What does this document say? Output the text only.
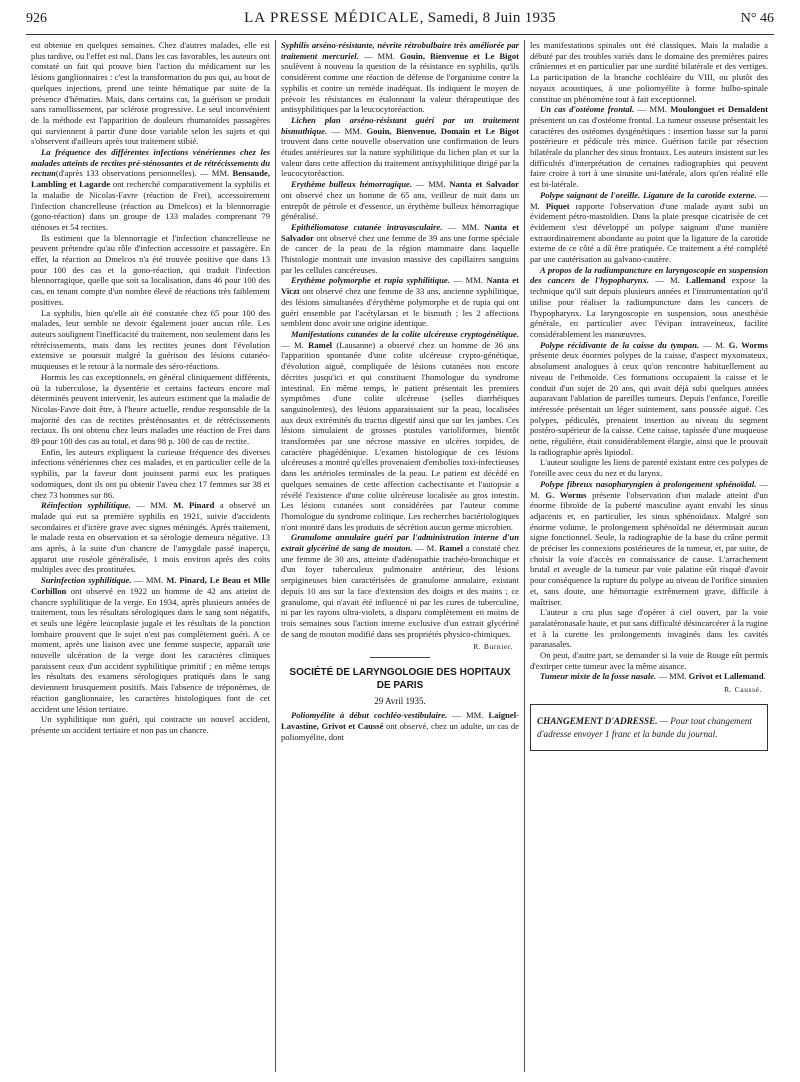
926	LA PRESSE MÉDICALE, Samedi, 8 Juin 1935	N° 46

est obtenue en quelques semaines. Chez d'autres malades, elle est plus tardive, ou l'effet est nul. Dans les cas favorables, les auteurs ont constaté un fait qui prouve bien l'action du médicament sur les lésions ganglionnaires : c'est la transformation du pus qui, au bout de quelques injections, prend une teinte hématique par suite de la présence d'hématies. Mais, dans certains cas, la guérison se produit sans ramollissement, par sclérose progressive. Le seul inconvénient de la méthode est l'apparition de douleurs rhumatoïdes passagères qui surviennent à partir d'une dose variable selon les sujets et qui s'observent d'ailleurs après tout traitement stibié.

La fréquence des différentes infections vénériennes chez les malades atteints de rectites pré-sténosantes et de rétrécissements du rectum(d'après 133 observations personnelles). — MM. Bensaude, Lambling et Lagarde ont recherché comparativement la syphilis et la maladie de Nicolas-Favre (réaction de Frei), accessoirement l'infection chancrelleuse (réaction au Dmelcos) et la blennorragie (gono-réaction) dans un groupe de 133 malades comprenant 79 sténoses et 54 rectites.

Ils estiment que la blennorragie et l'infection chancrelleuse ne peuvent prétendre qu'au rôle d'infection accessoire et passagère. En effet, la réaction au Dmelcos n'a été trouvée positive que dans 13 pour 100 des cas et la gono-réaction, qui traduit l'infection blennorragique, quelle que soit sa localisation, dans 46 pour 100 des cas, en tenant compte d'un nombre élevé de réactions très faiblement positives.

La syphilis, bien qu'elle ait été constatée chez 65 pour 100 des malades, leur semble ne devoir également jouer aucun rôle. Les auteurs soulignent l'inefficacité du traitement, non seulement dans les rétrécissements, mais dans les rectites jeunes dont l'évolution extensive se poursuit malgré la guérison des lésions cutanéo-muqueuses et le retour à la normale des séro-réactions.

Hormis les cas exceptionnels, en général cliniquement différents, où la tuberculose, la dysentérie et certains facteurs encore mal déterminés peuvent intervenir, les auteurs estiment que la maladie de Nicolas-Favre doit être, à l'heure actuelle, rendue responsable de la majorité des cas de rectites présténosantes et de rétrécissements rectaux. Ils ont obtenu chez leurs malades une réaction de Frei dans 89 pour 100 des cas au total, et dans 98 p. 100 de cas de rectite.

Enfin, les auteurs expliquent la curieuse fréquence des diverses infections vénériennes chez ces malades, et en particulier celle de la syphilis, par la faveur dont jouissent parmi eux les pratiques sodomiques, dont ils ont pu obtenir l'aveu chez 17 femmes sur 38 et chez 73 hommes sur 86.

Réinfection syphilitique. — MM. M. Pinard a observé un malade qui eut sa première syphilis en 1921, suivie d'accidents secondaires et d'ictère grave avec signes méningés. Après traitement, le malade resta en observation et sa sérologie demeura négative. 13 ans après, à la suite d'un chancre de l'amygdale passé inaperçu, apparut une roséole généralisée, 1 mois environ après des coïts multiples avec des prostituées.

Surinfection syphilitique. — MM. M. Pinard, Le Beau et Mlle Corbillon ont observé en 1922 un homme de 42 ans atteint de chancre syphilitique de la verge. En 1934, après plusieurs années de traitement, tous les résultats sérologiques dans le sang sont négatifs, et seuls une légère leucoplasie jugale et les résultats de la ponction lombaire prouvent que le sujet n'est pas complètement guéri. A ce moment, après une liaison avec une femme suspecte, apparaît une nouvelle ulcération de la verge dont les caractères cliniques paraissent ceux d'un accident syphilitique primitif ; en même temps les résultats des examens sérologiques pratiqués dans le sang deviennent brusquement positifs. Mais l'absence de tréponèmes, de réaction ganglionnaire, les caractères histologiques font de cet accident une lésion tertiaire.

Un syphilitique non guéri, qui contracte un nouvel accident, présente un accident tertiaire et non pas un chancre.

Syphilis arséno-résistante, névrite rétrobulbaire très améliorée par traitement mercuriel. — MM. Gouin, Bienvenue et Le Bigot soulèvent à nouveau la question de la résistance en syphilis, qu'ils considèrent comme une réaction de défense de l'organisme contre la syphilis et contre un remède inadéquat. Ils indiquent le moyen de prévoir les résistances en étalonnant la valeur thérapeutique des antisyphilitiques par la leucocytoréaction.

Lichen plan arséno-résistant guéri par un traitement bismuthique. — MM. Gouin, Bienvenue, Domain et Le Bigot trouvent dans cette nouvelle observation une confirmation de leurs études antérieures sur la nature syphilitique du lichen plan et sur la valeur dans cette affection du traitement antisyphilitique dirigé par la leucocytoréaction.

Erythème bulleux hémorragique. — MM. Nanta et Salvador ont observé chez un homme de 65 ans, veilleur de nuit dans un entrepôt de pétrole et d'essence, un érythème bulleux hémorragique généralisé.

Epithéliomatose cutanée intravasculaire. — MM. Nanta et Salvador ont observé chez une femme de 39 ans une forme spéciale de cancer de la peau de la région mammaire dans laquelle l'histologie montrait une invasion massive des capillaires sanguins par les cellules cancéreuses.

Erythème polymorphe et rupia syphilitique. — MM. Nanta et Viczt ont observé chez une femme de 33 ans, ancienne syphilitique, des lésions simultanées d'érythème polymorphe et de rupia qui ont guéri ensemble par l'acétylarsan et le bismuth ; les 2 affections semblent donc avoir une origine identique.

Manifestations cutanées de la colite ulcéreuse cryptogénétique. — M. Ramel (Lausanne) a observé chez un homme de 36 ans l'apparition spontanée d'une colite ulcéreuse crypto-génétique, d'évolution aiguë, compliquée de lésions cutanées non encore décrites jusqu'ici et qui constituent l'homologue du syndrome intestinal. En même temps, le patient présentait les premiers symptômes d'une colite ulcéreuse (selles diarrhéiques sanguinolentes), des lésions apparaissaient sur la peau, localisées aux deux extrémités du tractus digestif ainsi que sur les jambes. Ces lésions simulaient de grosses pustules varioliformes, bientôt transformées par une nécrose massive en ulcères torpides, de caractère phagédénique. L'examen histologique de ces lésions ulcéreuses a montré qu'elles provenaient d'embolies toxi-infectieuses dans les artérioles terminales de la peau. Le patient est décédé en quelques semaines de cette affection cachectisante et l'autopsie a révélé l'existence d'une colite ulcéreuse localisée au gros intestin. Les lésions cutanées sont considérées par l'auteur comme l'homologue du syndrome colitique. Les recherches bactériologiques n'ont montré dans les produits de sécrétion aucun germe microbien.

Granulome annulaire guéri par l'administration interne d'un extrait glycériné de sang de mouton. — M. Ramel a constaté chez une femme de 30 ans, atteinte d'adénopathie trachéo-bronchique et d'un foyer tuberculeux pulmonaire antérieur, des lésions serpigineuses bien caractérisées de granulome annulaire, existant depuis 10 ans sur la face d'extension des doigts et des mains ; ce granulome, qui n'avait été influencé ni par les cures de tuberculine, ni par les rayons ultra-violets, a disparu complètement en moins de trois semaines sous l'action interne exclusive d'un extrait glycériné de sang de mouton modifié dans ses propriétés physico-chimiques.

R. Burnier.
SOCIÉTÉ DE LARYNGOLOGIE DES HOPITAUX DE PARIS
29 Avril 1935.

Poliomyélite à début cochléo-vestibulaire. — MM. Laignel-Lavastine, Grivot et Caussé ont observé, chez un adulte, un cas de poliomyélite, dont

les manifestations spinales ont été classiques. Mais la maladie a débuté par des troubles variés dans le domaine des premières paires crâniennes et en particulier par une surdité bilatérale et des vertiges. La participation de la branche cochléaire du VIII, ou plutôt des noyaux acoustiques, à une poliomyélite à forme bulbo-spinale constitue un phénomène tout à fait exceptionnel.

Un cas d'ostéome frontal. — MM. Moulonguet et Demaldent présentent un cas d'ostéome frontal. La tumeur osseuse présentait les caractères des ostéomes dysgénétiques : insertion basse sur la paroi postérieure et pédicule très mince. Guérison facile par résection bilatérale du plancher des sinus frontaux. Les auteurs insistent sur les difficultés d'interprétation de certaines radiographies qui peuvent faire croire à tort à une sinusite uni-latérale, alors qu'en réalité elle est bi-latérale.

Polype saignant de l'oreille. Ligature de la carotide externe. — M. Piquet rapporte l'observation d'une malade ayant subi un évidement pétro-mastoïdien. Dans la plaie presque cicatrisée de cet évidement s'est développé un polype saignant d'une manière extraordinairement abondante au point que la ligature de la carotide externe de ce côté a dû être pratiquée. Ce traitement a été complété par une cautérisation au galvano-cautère.

A propos de la radiumpuncture en laryngoscopie en suspension des cancers de l'hypopharynx. — M. Lallemand expose la technique qu'il suit depuis plusieurs années et l'instrumentation qu'il utilise pour réaliser la radiumpuncture dans les cancers de l'hypopharynx. La laryngoscopie en suspension, sous anesthésie générale, en particulier avec l'évipan intraveineux, facilite considérablement les manœuvres.

Polype récidivante de la caisse du tympan. — M. G. Worms présente deux énormes polypes de la caisse, d'aspect myxomateux, absolument analogues à ceux qu'on rencontre habituellement au niveau de l'ethmoïde. Ces formations occupaient la caisse et le conduit d'un sujet de 20 ans, qui avait déjà subi quelques années auparavant l'ablation de pareilles tumeurs. Depuis l'enfance, l'oreille intéressée présentait un léger suintement, sans poussée aiguë. Ces polypes, pédiculés, prenaient insertion au niveau du segment postéro-supérieur de la caisse. Cette caisse, tapissée d'une muqueuse nette, régulière, était considérablement élargie, ainsi que le prouvait la radiographie après lipiodol.

L'auteur souligne les liens de parenté existant entre ces polypes de l'oreille avec ceux du nez et du larynx.

Polype fibreux nasopharyngien à prolongement sphénoïdal. — M. G. Worms présente l'observation d'un malade atteint d'un énorme fibroïde de la puberté masculine ayant envahi les sinus adjacents et, en particulier, les sinus sphénoïdaux. Malgré son énorme volume, le prolongement sphénoïdal ne déterminait aucun signe fonctionnel. Seule, la radiographie de la base du crâne permit de préciser les connexions postérieures de la tumeur, et, par suite, de choisir la voie d'accès en connaissance de cause. L'arrachement brutal et aveugle de la tumeur par voie palatine eût risqué d'avoir pour conséquence la rupture du polype au niveau de l'orifice sinusien et, sans doute, une hémorragie extrêmement grave, difficile à maîtriser.

L'auteur a cru plus sage d'opérer à ciel ouvert, par la voie paralatéronasale haute, et put sans difficulté désincarcérer à la rugine et à la curette les prolongements invaginés dans les cavités paranasales.

On peut, d'autre part, se demander si la voie de Rouge eût permis d'extirper cette tumeur avec la même aisance.

Tumeur mixte de la fosse nasale. — MM. Grivot et Lallemand.

R. Caussé.

CHANGEMENT D'ADRESSE. — Pour tout changement d'adresse envoyer 1 franc et la bande du journal.
